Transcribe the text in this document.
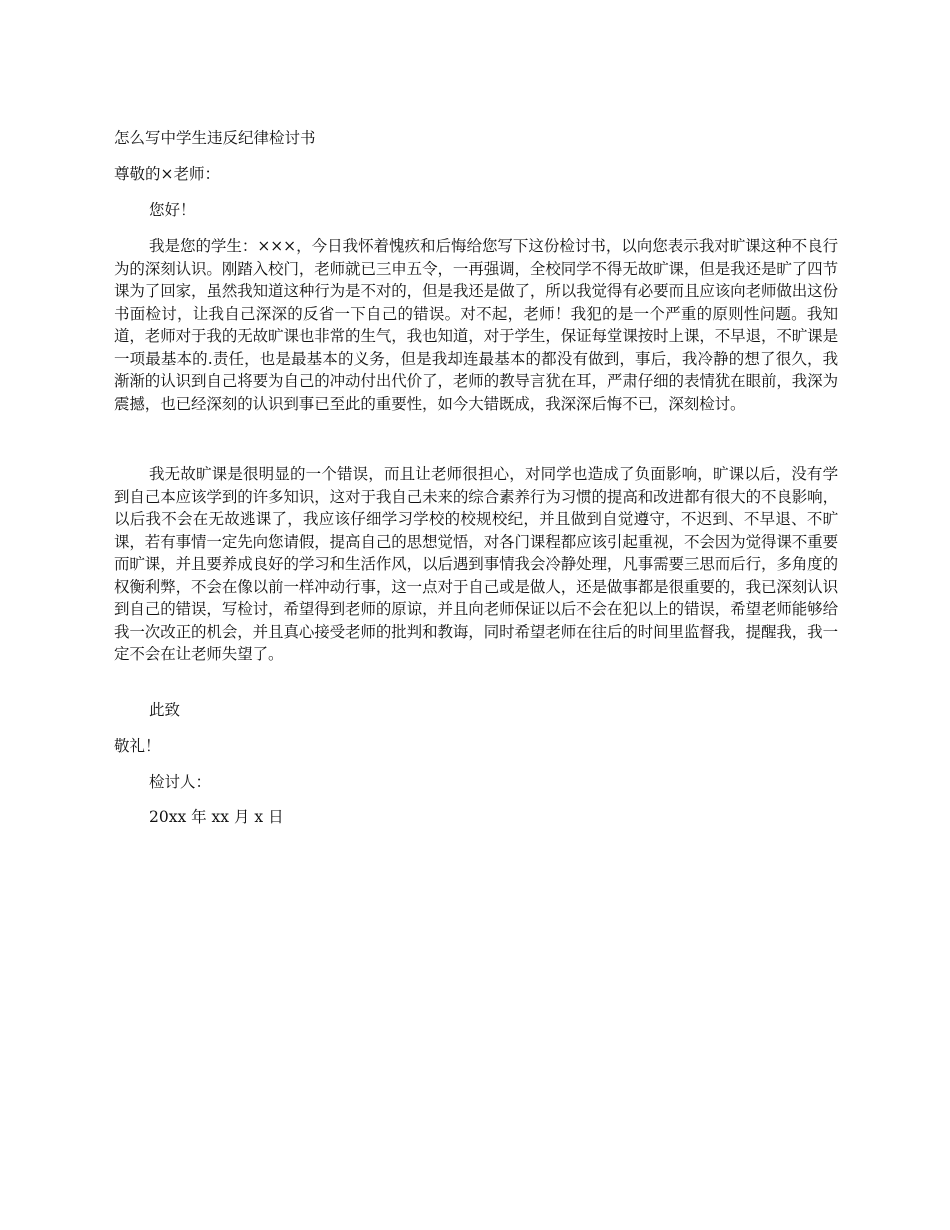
怎么写中学生违反纪律检讨书
尊敬的×老师：
您好！
我是您的学生：×××，今日我怀着愧疚和后悔给您写下这份检讨书，以向您表示我对旷课这种不良行为的深刻认识。刚踏入校门，老师就已三申五令，一再强调，全校同学不得无故旷课，但是我还是旷了四节课为了回家，虽然我知道这种行为是不对的，但是我还是做了，所以我觉得有必要而且应该向老师做出这份书面检讨，让我自己深深的反省一下自己的错误。对不起，老师！我犯的是一个严重的原则性问题。我知道，老师对于我的无故旷课也非常的生气，我也知道，对于学生，保证每堂课按时上课，不早退，不旷课是一项最基本的.责任，也是最基本的义务，但是我却连最基本的都没有做到，事后，我冷静的想了很久，我渐渐的认识到自己将要为自己的冲动付出代价了，老师的教导言犹在耳，严肃仔细的表情犹在眼前，我深为震撼，也已经深刻的认识到事已至此的重要性，如今大错既成，我深深后悔不已，深刻检讨。
我无故旷课是很明显的一个错误，而且让老师很担心，对同学也造成了负面影响，旷课以后，没有学到自己本应该学到的许多知识，这对于我自己未来的综合素养行为习惯的提高和改进都有很大的不良影响，以后我不会在无故逃课了，我应该仔细学习学校的校规校纪，并且做到自觉遵守，不迟到、不早退、不旷课，若有事情一定先向您请假，提高自己的思想觉悟，对各门课程都应该引起重视，不会因为觉得课不重要而旷课，并且要养成良好的学习和生活作风，以后遇到事情我会冷静处理，凡事需要三思而后行，多角度的权衡利弊，不会在像以前一样冲动行事，这一点对于自己或是做人，还是做事都是很重要的，我已深刻认识到自己的错误，写检讨，希望得到老师的原谅，并且向老师保证以后不会在犯以上的错误，希望老师能够给我一次改正的机会，并且真心接受老师的批判和教诲，同时希望老师在往后的时间里监督我，提醒我，我一定不会在让老师失望了。
此致
敬礼！
检讨人：
20xx 年 xx 月 x 日
